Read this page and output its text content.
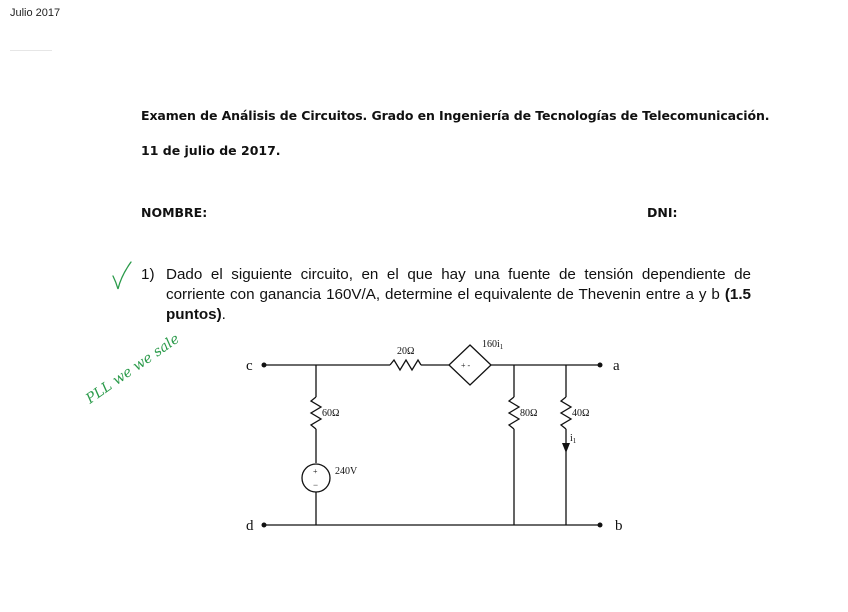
Julio 2017
Examen de Análisis de Circuitos. Grado en Ingeniería de Tecnologías de Telecomunicación.
11 de julio de 2017.
NOMBRE:	DNI:
1) Dado el siguiente circuito, en el que hay una fuente de tensión dependiente de corriente con ganancia 160V/A, determine el equivalente de Thevenin entre a y b (1.5 puntos).
PLL we we sale	c
d
a
b
20Ω
$160i_1$
+ -
60Ω
+
−
240V
80Ω	40Ω
$i_1$
